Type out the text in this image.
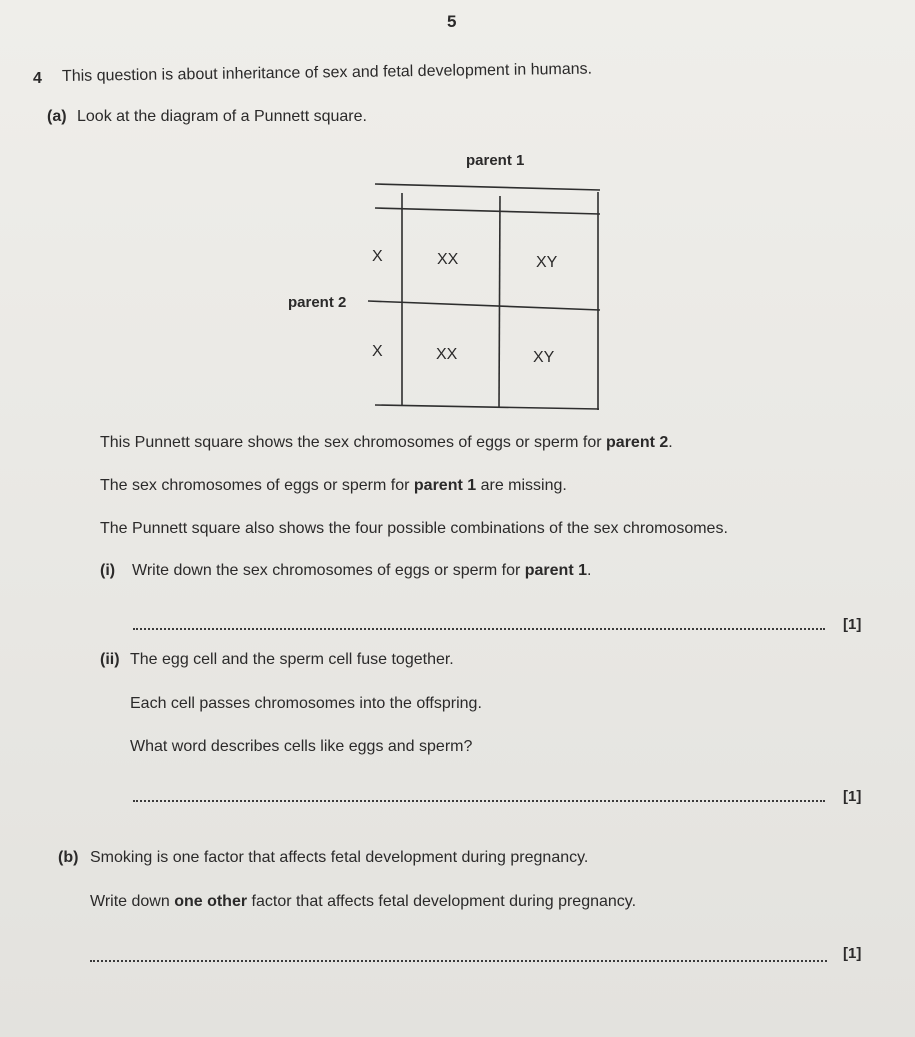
5
4 This question is about inheritance of sex and fetal development in humans.
(a) Look at the diagram of a Punnett square.
parent 1
parent 2
X	XX	XY
X	XX	XY
This Punnett square shows the sex chromosomes of eggs or sperm for parent 2.
The sex chromosomes of eggs or sperm for parent 1 are missing.
The Punnett square also shows the four possible combinations of the sex chromosomes.
(i) Write down the sex chromosomes of eggs or sperm for parent 1.
[1]
(ii) The egg cell and the sperm cell fuse together.
Each cell passes chromosomes into the offspring.
What word describes cells like eggs and sperm?
[1]
(b) Smoking is one factor that affects fetal development during pregnancy.
Write down one other factor that affects fetal development during pregnancy.
[1]
